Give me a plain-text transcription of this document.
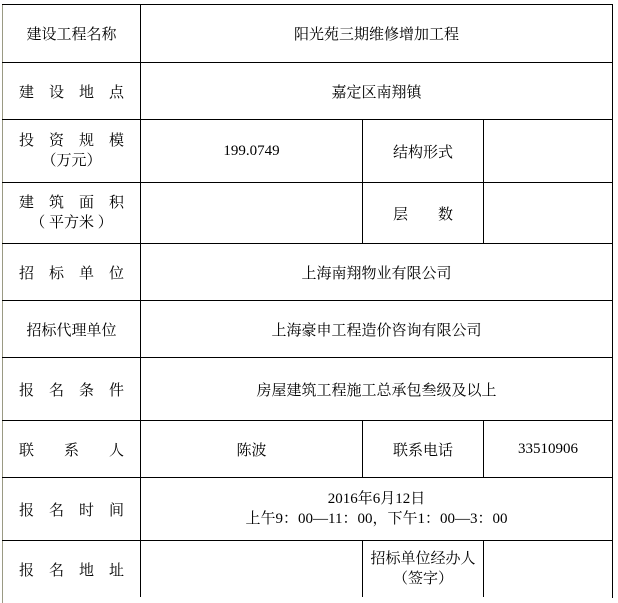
建设工程名称	阳光苑三期维修增加工程		
建　设　地　点	嘉定区南翔镇		

投　资　规　模
（万元）	199.0749	结构形式	

建　筑　面　积
（ 平方米 ）		层　　数	
招　标　单　位	上海南翔物业有限公司		
招标代理单位	上海豪申工程造价咨询有限公司		
报　名　条　件	房屋建筑工程施工总承包叁级及以上		
联　　系　　人	陈波	联系电话	33510906
报　名　时　间	2016年6月12日
上午9：00—11：00，下午1：00—3：00		

报　名　地　址		招标单位经办人
（签字）	
